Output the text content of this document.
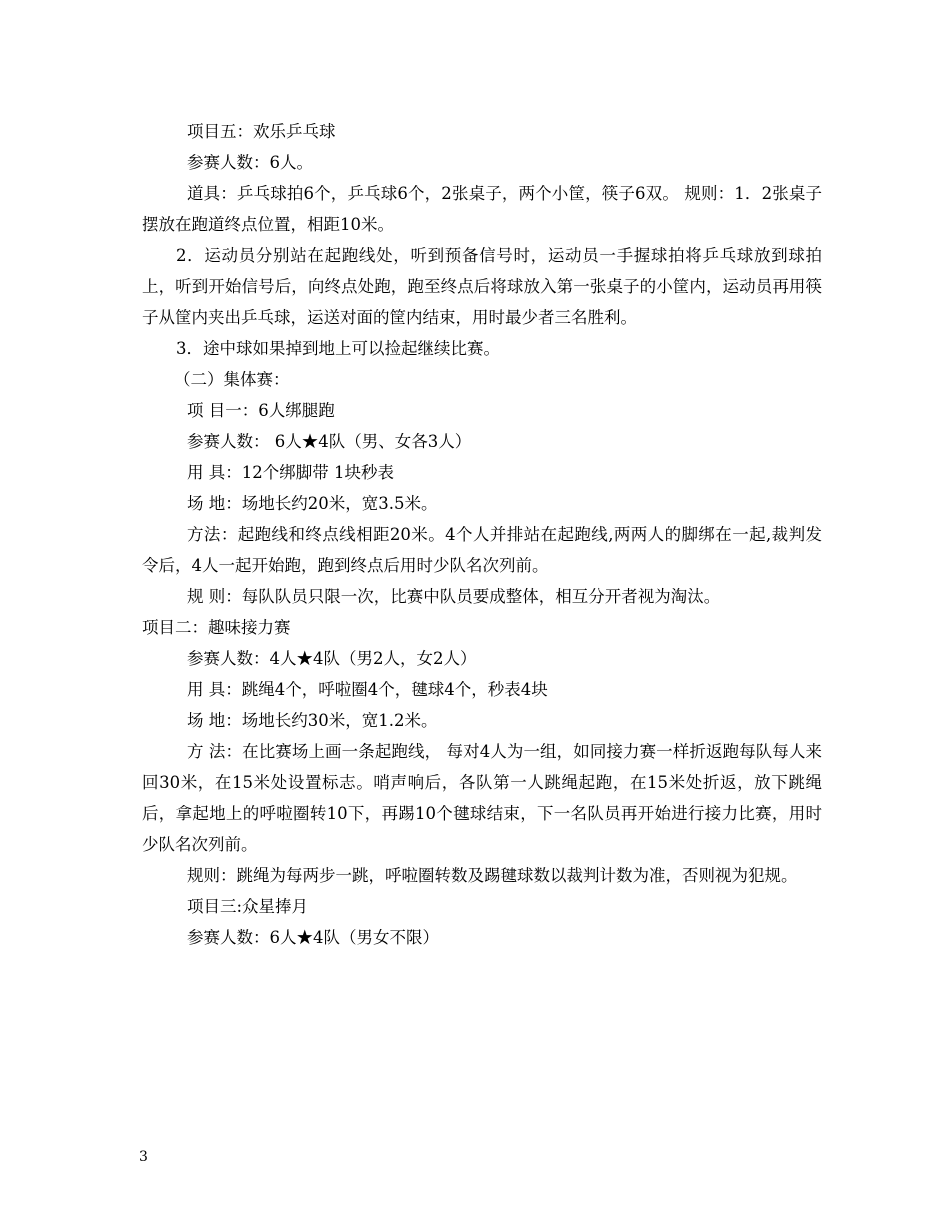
项目五：欢乐乒乓球
参赛人数：6人。
道具：乒乓球拍6个，乒乓球6个，2张桌子，两个小筐，筷子6双。 规则：1．2张桌子摆放在跑道终点位置，相距10米。
2．运动员分别站在起跑线处，听到预备信号时，运动员一手握球拍将乒乓球放到球拍上，听到开始信号后，向终点处跑，跑至终点后将球放入第一张桌子的小筐内，运动员再用筷子从筐内夹出乒乓球，运送对面的筐内结束，用时最少者三名胜利。
3．途中球如果掉到地上可以捡起继续比赛。
（二）集体赛：
项 目一：6人绑腿跑
参赛人数： 6人★4队（男、女各3人）
用 具：12个绑脚带 1块秒表
场 地：场地长约20米，宽3.5米。
方法：起跑线和终点线相距20米。4个人并排站在起跑线,两两人的脚绑在一起,裁判发令后，4人一起开始跑，跑到终点后用时少队名次列前。
规 则：每队队员只限一次，比赛中队员要成整体，相互分开者视为淘汰。
项目二：趣味接力赛
参赛人数：4人★4队（男2人，女2人）
用 具：跳绳4个，呼啦圈4个，毽球4个，秒表4块
场 地：场地长约30米，宽1.2米。
方 法：在比赛场上画一条起跑线， 每对4人为一组，如同接力赛一样折返跑每队每人来回30米，在15米处设置标志。哨声响后，各队第一人跳绳起跑，在15米处折返，放下跳绳后，拿起地上的呼啦圈转10下，再踢10个毽球结束，下一名队员再开始进行接力比赛，用时少队名次列前。
规则：跳绳为每两步一跳，呼啦圈转数及踢毽球数以裁判计数为准，否则视为犯规。
项目三:众星捧月
参赛人数：6人★4队（男女不限）
3
